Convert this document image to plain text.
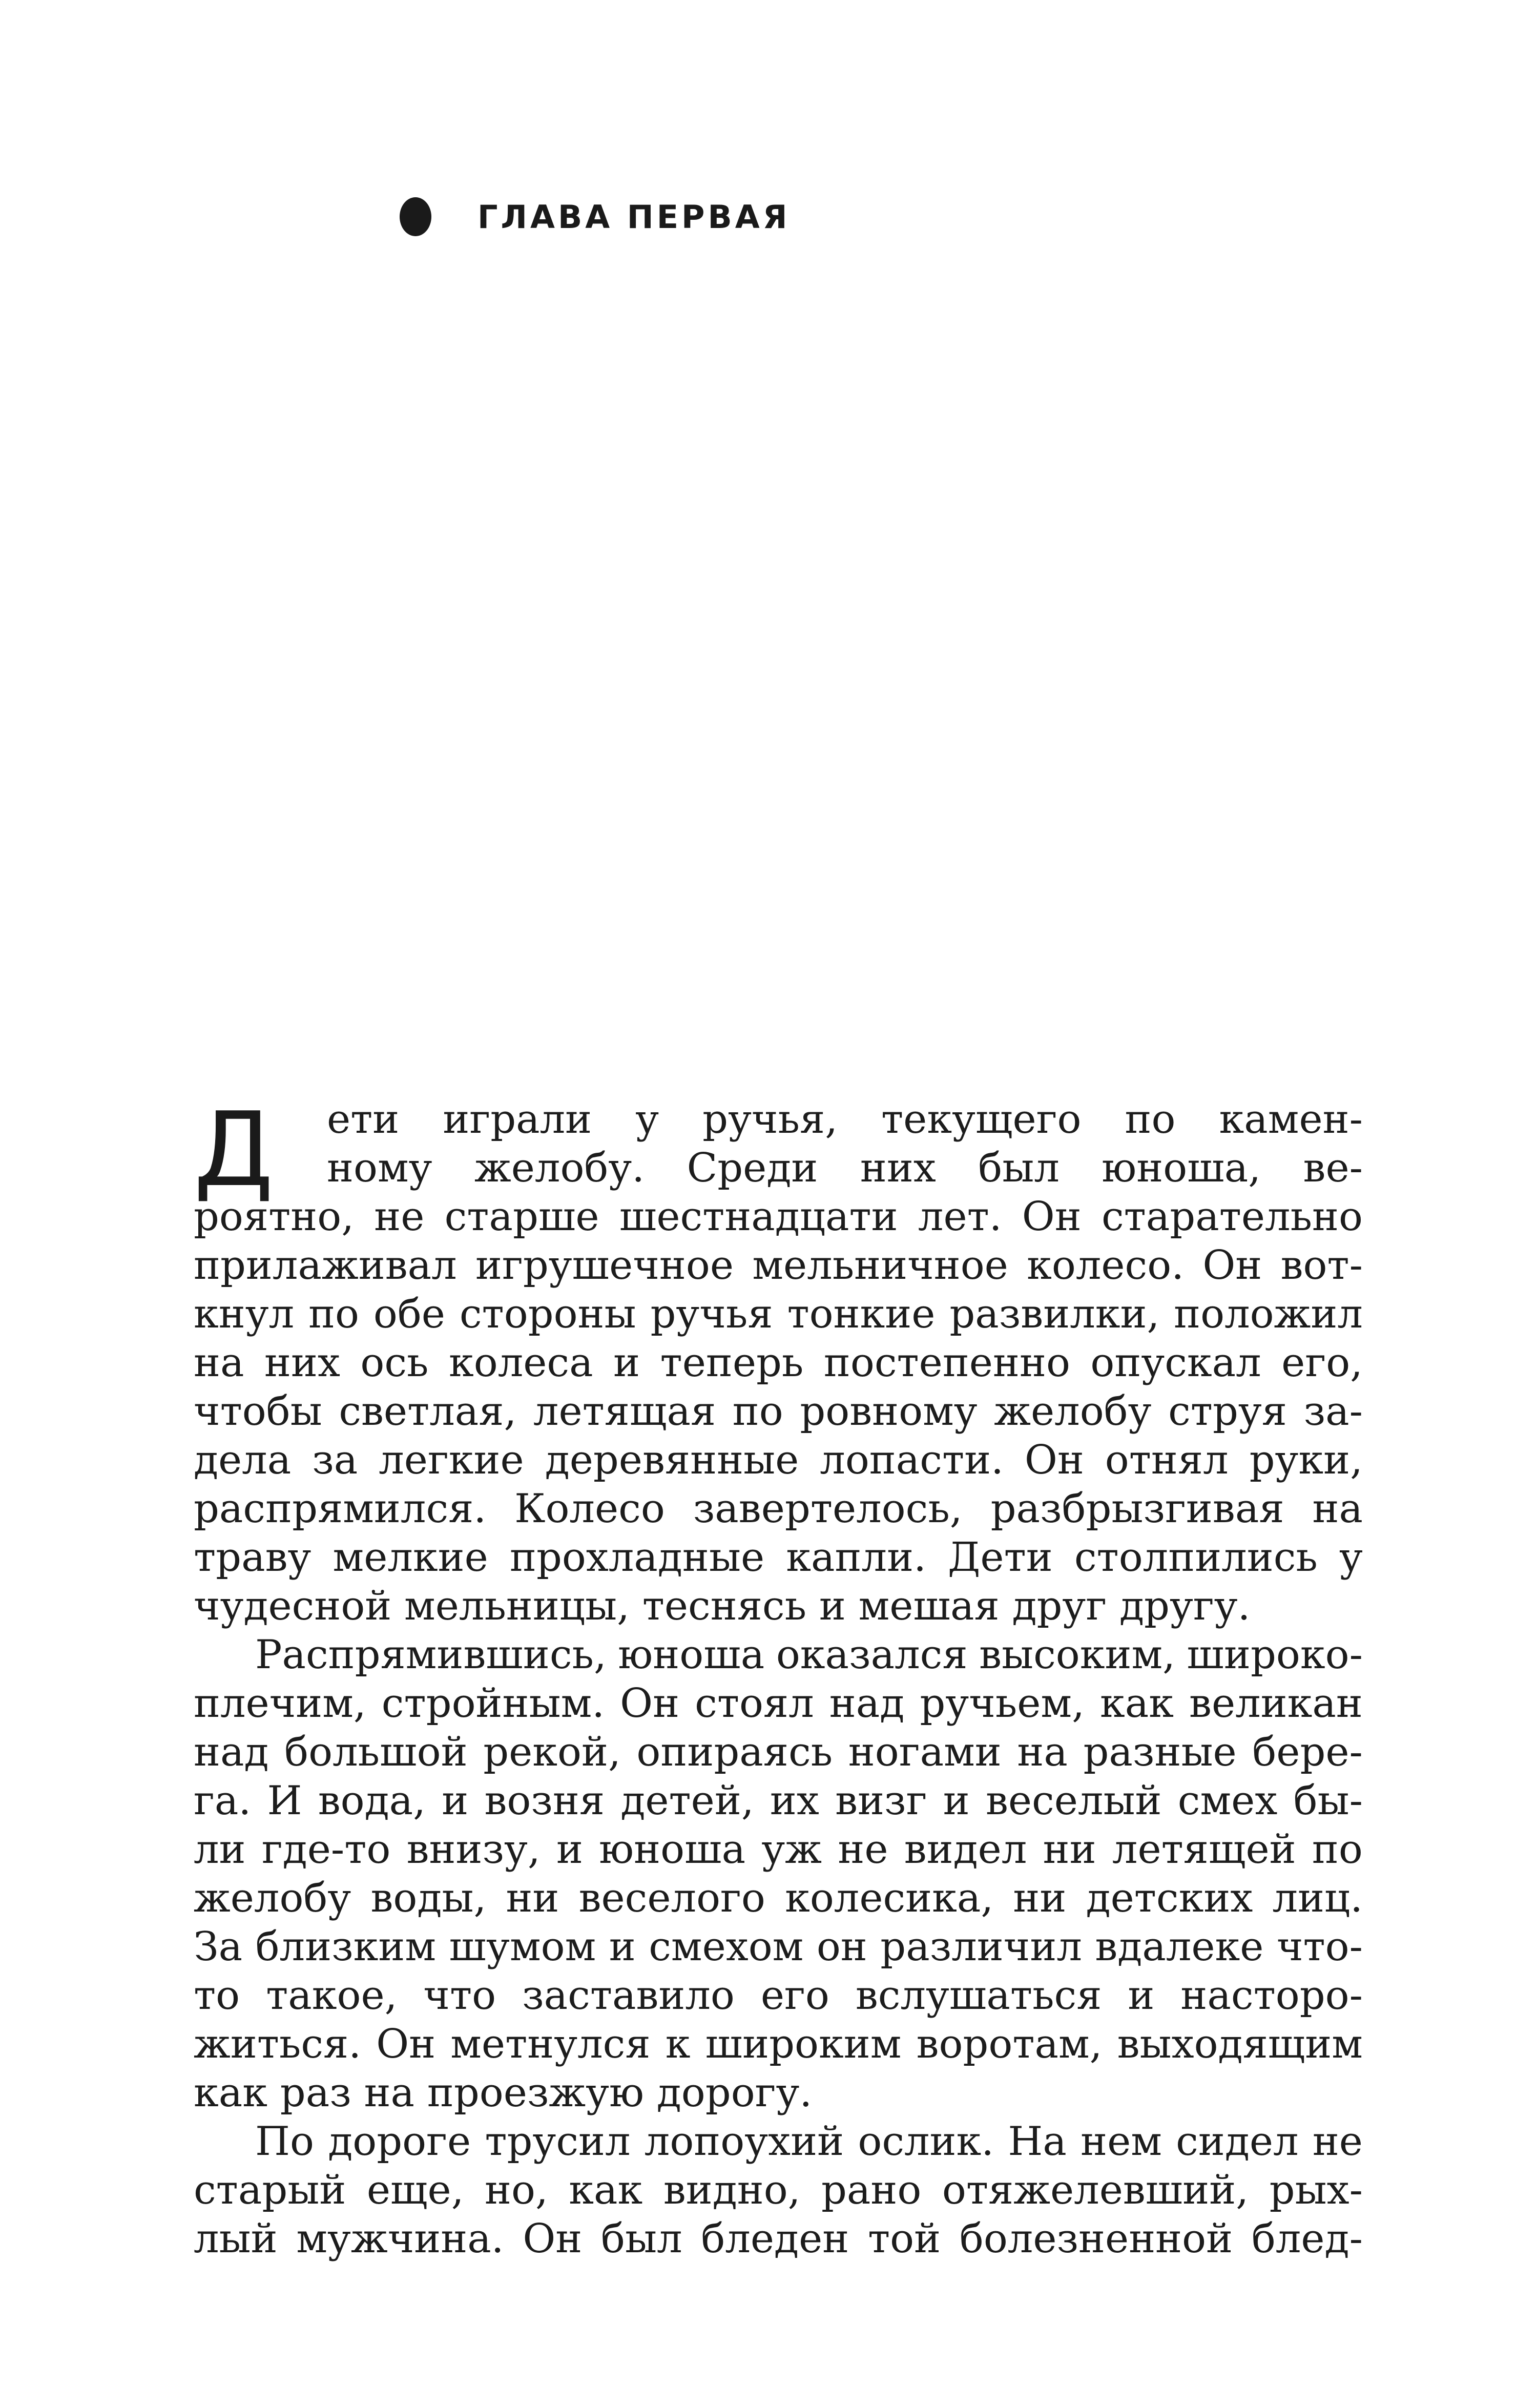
ГЛАВА ПЕРВАЯ
Д ети играли у ручья, текущего по камен-
ному желобу. Среди них был юноша, ве-
роятно, не старше шестнадцати лет. Он старательно
прилаживал игрушечное мельничное колесо. Он вот-
кнул по обе стороны ручья тонкие развилки, положил
на них ось колеса и теперь постепенно опускал его,
чтобы светлая, летящая по ровному желобу струя за-
дела за легкие деревянные лопасти. Он отнял руки,
распрямился. Колесо завертелось, разбрызгивая на
траву мелкие прохладные капли. Дети столпились у
чудесной мельницы, теснясь и мешая друг другу.
Распрямившись, юноша оказался высоким, широко-
плечим, стройным. Он стоял над ручьем, как великан
над большой рекой, опираясь ногами на разные бере-
га. И вода, и возня детей, их визг и веселый смех бы-
ли где-то внизу, и юноша уж не видел ни летящей по
желобу воды, ни веселого колесика, ни детских лиц.
За близким шумом и смехом он различил вдалеке что-
то такое, что заставило его вслушаться и насторо-
житься. Он метнулся к широким воротам, выходящим
как раз на проезжую дорогу.
По дороге трусил лопоухий ослик. На нем сидел не
старый еще, но, как видно, рано отяжелевший, рых-
лый мужчина. Он был бледен той болезненной блед-
